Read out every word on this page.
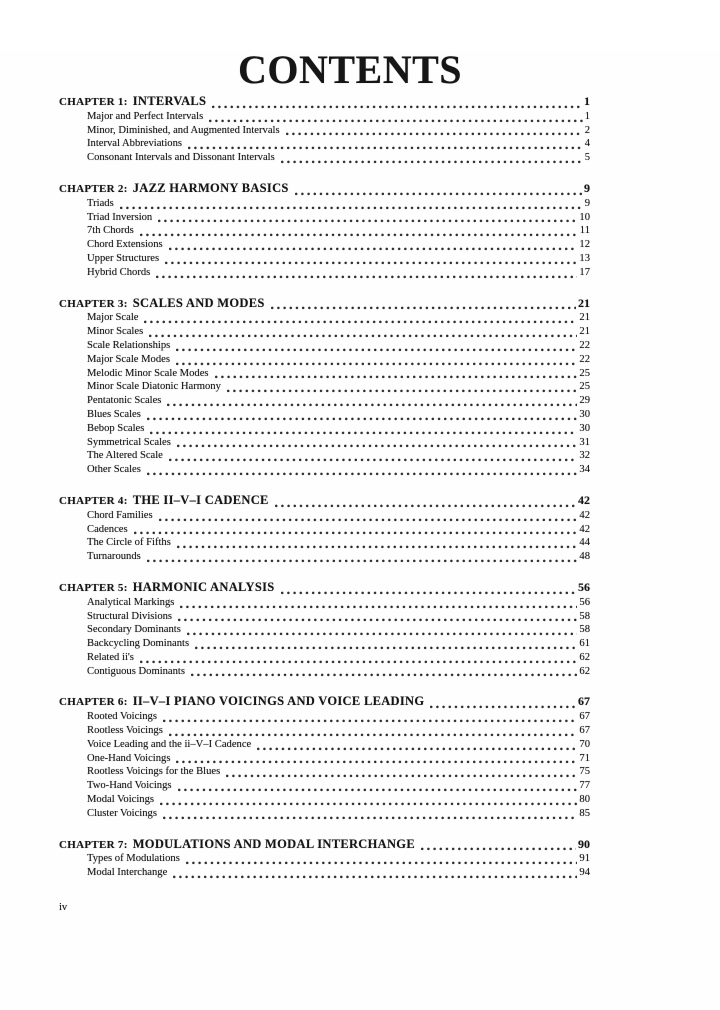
CONTENTS
CHAPTER 1: INTERVALS	1
Major and Perfect Intervals	1
Minor, Diminished, and Augmented Intervals	2
Interval Abbreviations	4
Consonant Intervals and Dissonant Intervals	5
CHAPTER 2: JAZZ HARMONY BASICS	9
Triads	9
Triad Inversion	10
7th Chords	11
Chord Extensions	12
Upper Structures	13
Hybrid Chords	17
CHAPTER 3: SCALES AND MODES	21
Major Scale	21
Minor Scales	21
Scale Relationships	22
Major Scale Modes	22
Melodic Minor Scale Modes	25
Minor Scale Diatonic Harmony	25
Pentatonic Scales	29
Blues Scales	30
Bebop Scales	30
Symmetrical Scales	31
The Altered Scale	32
Other Scales	34
CHAPTER 4: THE II–V–I CADENCE	42
Chord Families	42
Cadences	42
The Circle of Fifths	44
Turnarounds	48
CHAPTER 5: HARMONIC ANALYSIS	56
Analytical Markings	56
Structural Divisions	58
Secondary Dominants	58
Backcycling Dominants	61
Related ii's	62
Contiguous Dominants	62
CHAPTER 6: II–V–I PIANO VOICINGS AND VOICE LEADING	67
Rooted Voicings	67
Rootless Voicings	67
Voice Leading and the ii–V–I Cadence	70
One-Hand Voicings	71
Rootless Voicings for the Blues	75
Two-Hand Voicings	77
Modal Voicings	80
Cluster Voicings	85
CHAPTER 7: MODULATIONS AND MODAL INTERCHANGE	90
Types of Modulations	91
Modal Interchange	94
iv
